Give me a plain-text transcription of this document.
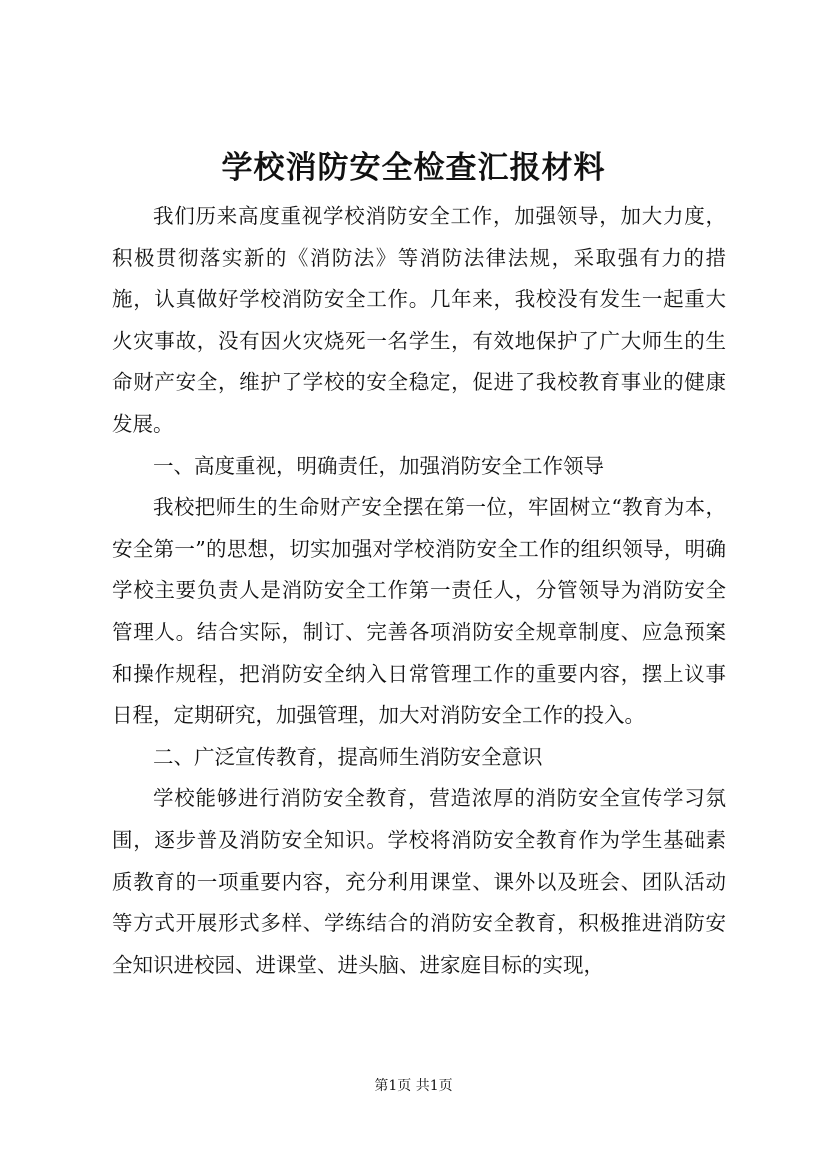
学校消防安全检查汇报材料

我们历来高度重视学校消防安全工作，加强领导，加大力度，积极贯彻落实新的《消防法》等消防法律法规，采取强有力的措施，认真做好学校消防安全工作。几年来，我校没有发生一起重大火灾事故，没有因火灾烧死一名学生，有效地保护了广大师生的生命财产安全，维护了学校的安全稳定，促进了我校教育事业的健康发展。

一、高度重视，明确责任，加强消防安全工作领导

我校把师生的生命财产安全摆在第一位，牢固树立“教育为本，安全第一”的思想，切实加强对学校消防安全工作的组织领导，明确学校主要负责人是消防安全工作第一责任人，分管领导为消防安全管理人。结合实际，制订、完善各项消防安全规章制度、应急预案和操作规程，把消防安全纳入日常管理工作的重要内容，摆上议事日程，定期研究，加强管理，加大对消防安全工作的投入。

二、广泛宣传教育，提高师生消防安全意识

学校能够进行消防安全教育，营造浓厚的消防安全宣传学习氛围，逐步普及消防安全知识。学校将消防安全教育作为学生基础素质教育的一项重要内容，充分利用课堂、课外以及班会、团队活动等方式开展形式多样、学练结合的消防安全教育，积极推进消防安全知识进校园、进课堂、进头脑、进家庭目标的实现，

第1页 共1页
